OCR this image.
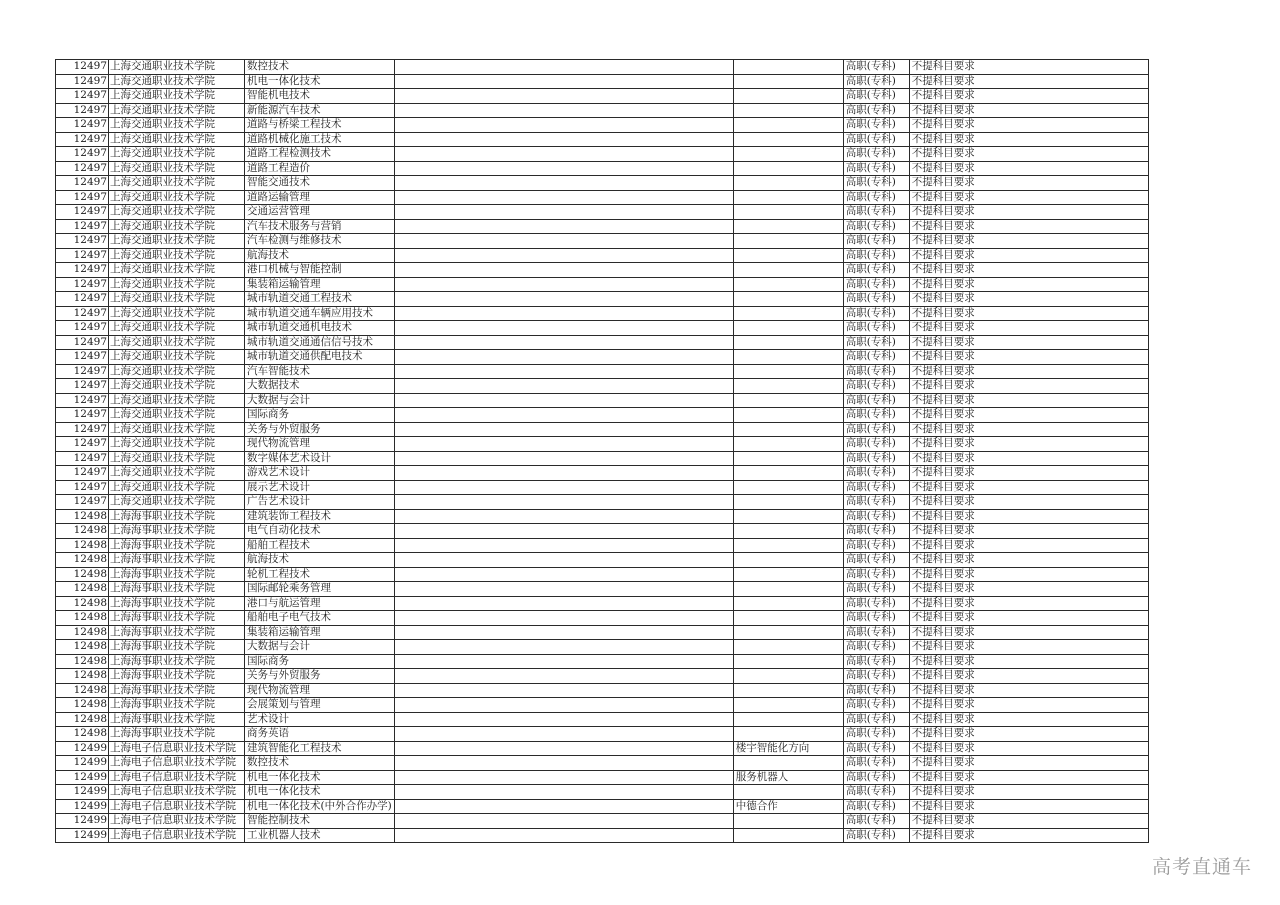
12497	上海交通职业技术学院	数控技术			高职(专科)	不提科目要求
12497	上海交通职业技术学院	机电一体化技术			高职(专科)	不提科目要求
12497	上海交通职业技术学院	智能机电技术			高职(专科)	不提科目要求
12497	上海交通职业技术学院	新能源汽车技术			高职(专科)	不提科目要求
12497	上海交通职业技术学院	道路与桥梁工程技术			高职(专科)	不提科目要求
12497	上海交通职业技术学院	道路机械化施工技术			高职(专科)	不提科目要求
12497	上海交通职业技术学院	道路工程检测技术			高职(专科)	不提科目要求
12497	上海交通职业技术学院	道路工程造价			高职(专科)	不提科目要求
12497	上海交通职业技术学院	智能交通技术			高职(专科)	不提科目要求
12497	上海交通职业技术学院	道路运输管理			高职(专科)	不提科目要求
12497	上海交通职业技术学院	交通运营管理			高职(专科)	不提科目要求
12497	上海交通职业技术学院	汽车技术服务与营销			高职(专科)	不提科目要求
12497	上海交通职业技术学院	汽车检测与维修技术			高职(专科)	不提科目要求
12497	上海交通职业技术学院	航海技术			高职(专科)	不提科目要求
12497	上海交通职业技术学院	港口机械与智能控制			高职(专科)	不提科目要求
12497	上海交通职业技术学院	集装箱运输管理			高职(专科)	不提科目要求
12497	上海交通职业技术学院	城市轨道交通工程技术			高职(专科)	不提科目要求
12497	上海交通职业技术学院	城市轨道交通车辆应用技术			高职(专科)	不提科目要求
12497	上海交通职业技术学院	城市轨道交通机电技术			高职(专科)	不提科目要求
12497	上海交通职业技术学院	城市轨道交通通信信号技术			高职(专科)	不提科目要求
12497	上海交通职业技术学院	城市轨道交通供配电技术			高职(专科)	不提科目要求
12497	上海交通职业技术学院	汽车智能技术			高职(专科)	不提科目要求
12497	上海交通职业技术学院	大数据技术			高职(专科)	不提科目要求
12497	上海交通职业技术学院	大数据与会计			高职(专科)	不提科目要求
12497	上海交通职业技术学院	国际商务			高职(专科)	不提科目要求
12497	上海交通职业技术学院	关务与外贸服务			高职(专科)	不提科目要求
12497	上海交通职业技术学院	现代物流管理			高职(专科)	不提科目要求
12497	上海交通职业技术学院	数字媒体艺术设计			高职(专科)	不提科目要求
12497	上海交通职业技术学院	游戏艺术设计			高职(专科)	不提科目要求
12497	上海交通职业技术学院	展示艺术设计			高职(专科)	不提科目要求
12497	上海交通职业技术学院	广告艺术设计			高职(专科)	不提科目要求
12498	上海海事职业技术学院	建筑装饰工程技术			高职(专科)	不提科目要求
12498	上海海事职业技术学院	电气自动化技术			高职(专科)	不提科目要求
12498	上海海事职业技术学院	船舶工程技术			高职(专科)	不提科目要求
12498	上海海事职业技术学院	航海技术			高职(专科)	不提科目要求
12498	上海海事职业技术学院	轮机工程技术			高职(专科)	不提科目要求
12498	上海海事职业技术学院	国际邮轮乘务管理			高职(专科)	不提科目要求
12498	上海海事职业技术学院	港口与航运管理			高职(专科)	不提科目要求
12498	上海海事职业技术学院	船舶电子电气技术			高职(专科)	不提科目要求
12498	上海海事职业技术学院	集装箱运输管理			高职(专科)	不提科目要求
12498	上海海事职业技术学院	大数据与会计			高职(专科)	不提科目要求
12498	上海海事职业技术学院	国际商务			高职(专科)	不提科目要求
12498	上海海事职业技术学院	关务与外贸服务			高职(专科)	不提科目要求
12498	上海海事职业技术学院	现代物流管理			高职(专科)	不提科目要求
12498	上海海事职业技术学院	会展策划与管理			高职(专科)	不提科目要求
12498	上海海事职业技术学院	艺术设计			高职(专科)	不提科目要求
12498	上海海事职业技术学院	商务英语			高职(专科)	不提科目要求
12499	上海电子信息职业技术学院	建筑智能化工程技术		楼宇智能化方向	高职(专科)	不提科目要求
12499	上海电子信息职业技术学院	数控技术			高职(专科)	不提科目要求
12499	上海电子信息职业技术学院	机电一体化技术		服务机器人	高职(专科)	不提科目要求
12499	上海电子信息职业技术学院	机电一体化技术			高职(专科)	不提科目要求
12499	上海电子信息职业技术学院	机电一体化技术(中外合作办学)		中德合作	高职(专科)	不提科目要求
12499	上海电子信息职业技术学院	智能控制技术			高职(专科)	不提科目要求
12499	上海电子信息职业技术学院	工业机器人技术			高职(专科)	不提科目要求
高考直通车
